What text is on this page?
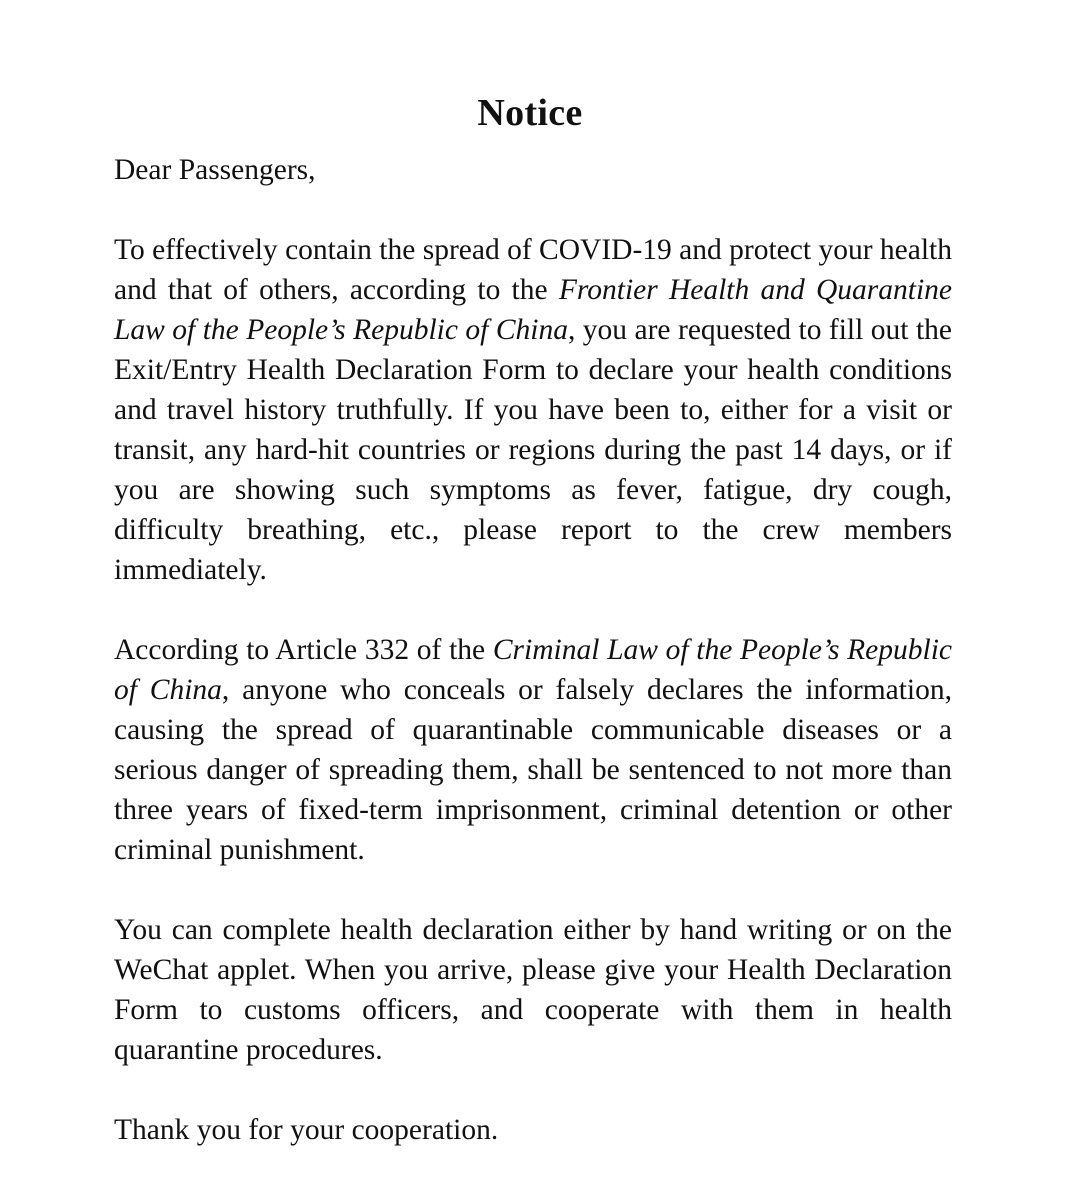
Notice

Dear Passengers,

To effectively contain the spread of COVID-19 and protect your health and that of others, according to the Frontier Health and Quarantine Law of the People’s Republic of China, you are requested to fill out the Exit/Entry Health Declaration Form to declare your health conditions and travel history truthfully. If you have been to, either for a visit or transit, any hard-hit countries or regions during the past 14 days, or if you are showing such symptoms as fever, fatigue, dry cough, difficulty breathing, etc., please report to the crew members immediately.

According to Article 332 of the Criminal Law of the People’s Republic of China, anyone who conceals or falsely declares the information, causing the spread of quarantinable communicable diseases or a serious danger of spreading them, shall be sentenced to not more than three years of fixed-term imprisonment, criminal detention or other criminal punishment.

You can complete health declaration either by hand writing or on the WeChat applet. When you arrive, please give your Health Declaration Form to customs officers, and cooperate with them in health quarantine procedures.

Thank you for your cooperation.
